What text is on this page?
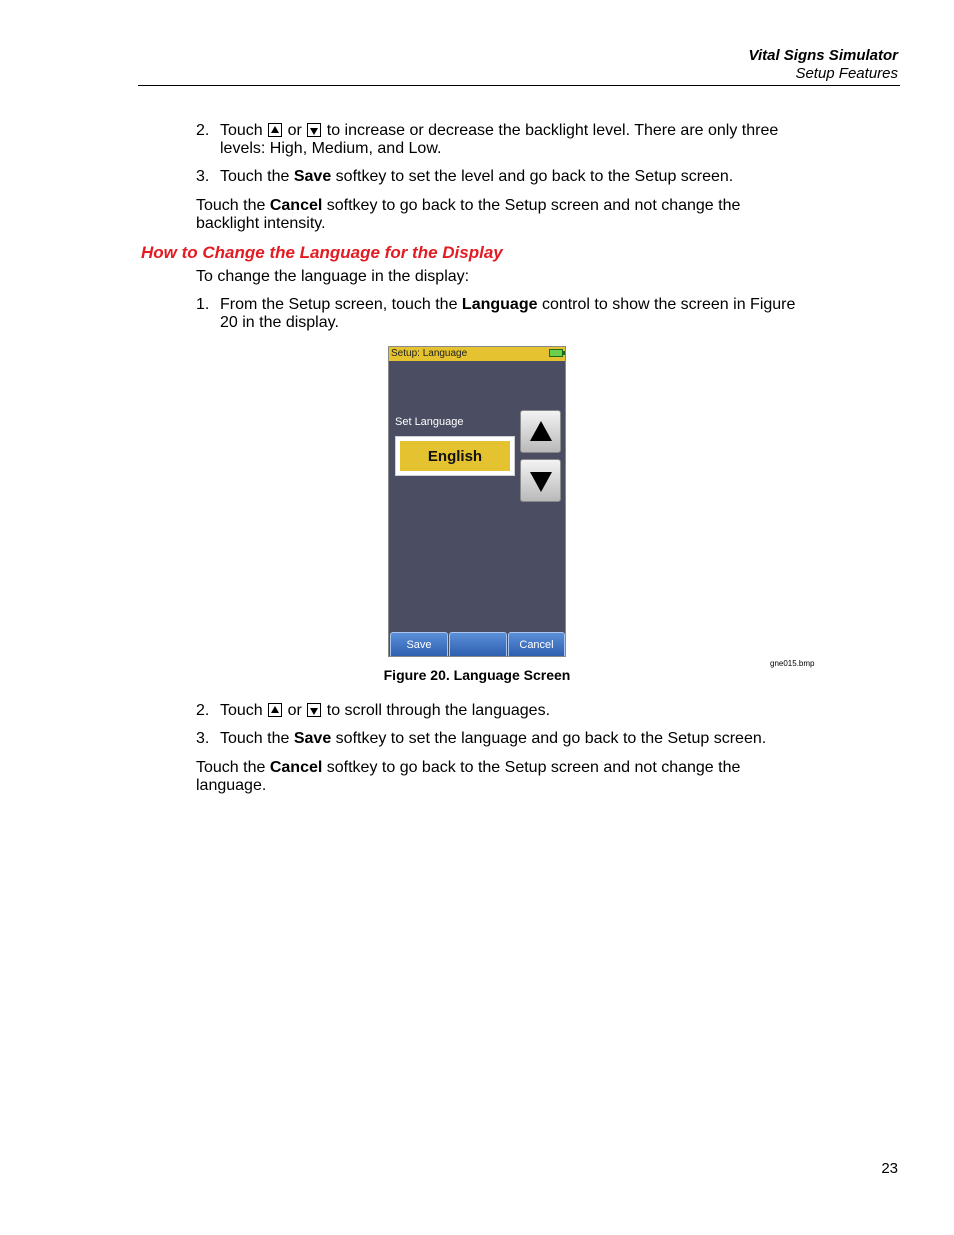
Vital Signs Simulator
Setup Features
2. Touch or to increase or decrease the backlight level. There are only three levels: High, Medium, and Low.
3. Touch the Save softkey to set the level and go back to the Setup screen.
Touch the Cancel softkey to go back to the Setup screen and not change the backlight intensity.
How to Change the Language for the Display
To change the language in the display:
1. From the Setup screen, touch the Language control to show the screen in Figure 20 in the display.
Setup: Language
Set Language
English
Save	Cancel
gne015.bmp
Figure 20. Language Screen
2. Touch or to scroll through the languages.
3. Touch the Save softkey to set the language and go back to the Setup screen.
Touch the Cancel softkey to go back to the Setup screen and not change the language.
23
